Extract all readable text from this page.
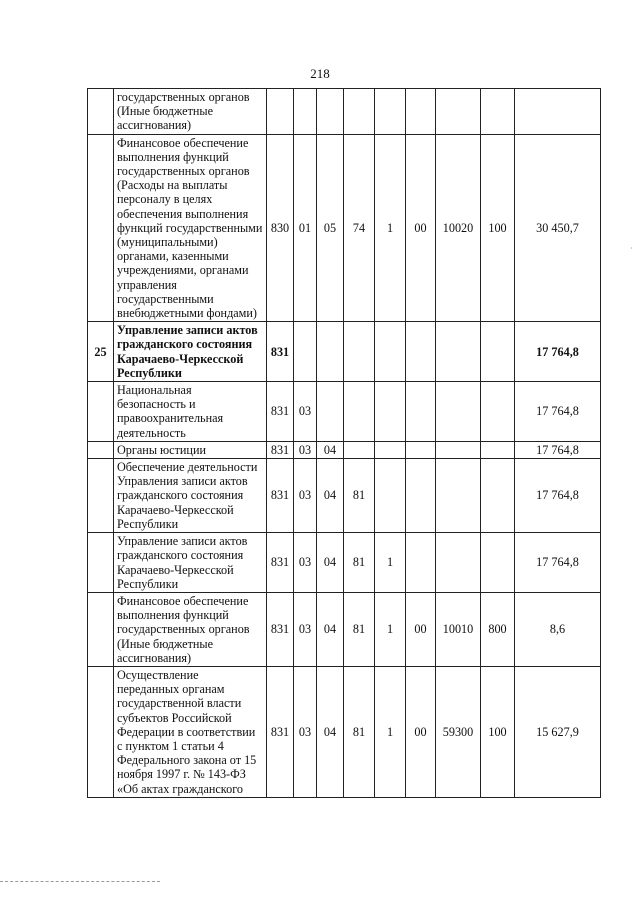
218
	государственных органов (Иные бюджетные ассигнования)									
	Финансовое обеспечение выполнения функций государственных органов (Расходы на выплаты персоналу в целях обеспечения выполнения функций государственными (муниципальными) органами, казенными учреждениями, органами управления государственными внебюджетными фондами)	830	01	05	74	1	00	10020	100	30 450,7
25	Управление записи актов гражданского состояния Карачаево-Черкесской Республики	831								17 764,8
	Национальная безопасность и правоохранительная деятельность	831	03							17 764,8
	Органы юстиции	831	03	04						17 764,8
	Обеспечение деятельности Управления записи актов гражданского состояния Карачаево-Черкесской Республики	831	03	04	81					17 764,8
	Управление записи актов гражданского состояния Карачаево-Черкесской Республики	831	03	04	81	1				17 764,8
	Финансовое обеспечение выполнения функций государственных органов (Иные бюджетные ассигнования)	831	03	04	81	1	00	10010	800	8,6
	Осуществление переданных органам государственной власти субъектов Российской Федерации в соответствии с пунктом 1 статьи 4 Федерального закона от 15 ноября 1997 г. № 143-ФЗ «Об актах гражданского	831	03	04	81	1	00	59300	100	15 627,9
·
